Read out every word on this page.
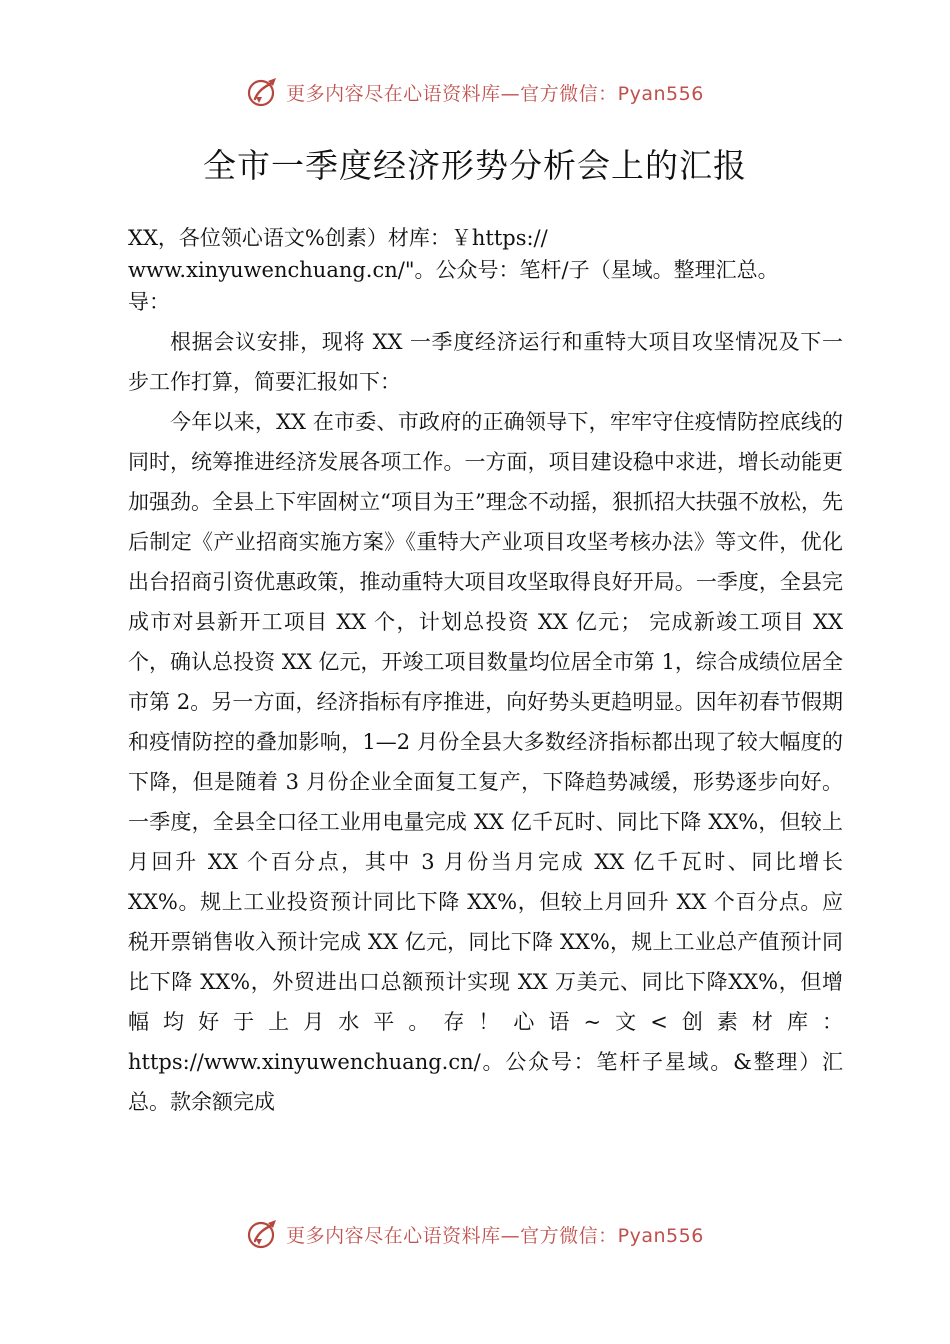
更多内容尽在心语资料库—官方微信：Pyan556
全市一季度经济形势分析会上的汇报
XX，各位领心语文%创素）材库：￥https://
www.xinyuwenchuang.cn/"。公众号：笔杆/子（星域。整理汇总。
导：

根据会议安排，现将 XX 一季度经济运行和重特大项目攻坚情况及下一步工作打算，简要汇报如下：

今年以来，XX 在市委、市政府的正确领导下，牢牢守住疫情防控底线的同时，统筹推进经济发展各项工作。一方面，项目建设稳中求进，增长动能更加强劲。全县上下牢固树立“项目为王”理念不动摇，狠抓招大扶强不放松，先后制定《产业招商实施方案》《重特大产业项目攻坚考核办法》等文件，优化出台招商引资优惠政策，推动重特大项目攻坚取得良好开局。一季度，全县完成市对县新开工项目 XX 个，计划总投资 XX 亿元； 完成新竣工项目 XX 个，确认总投资 XX 亿元，开竣工项目数量均位居全市第 1，综合成绩位居全市第 2。另一方面，经济指标有序推进，向好势头更趋明显。因年初春节假期和疫情防控的叠加影响，1—2 月份全县大多数经济指标都出现了较大幅度的下降，但是随着 3 月份企业全面复工复产，下降趋势减缓，形势逐步向好。一季度，全县全口径工业用电量完成 XX 亿千瓦时、同比下降 XX%，但较上月回升 XX 个百分点，其中 3 月份当月完成 XX 亿千瓦时、同比增长 XX%。规上工业投资预计同比下降 XX%，但较上月回升 XX 个百分点。应税开票销售收入预计完成 XX 亿元，同比下降 XX%，规上工业总产值预计同比下降 XX%，外贸进出口总额预计实现 XX 万美元、同比下降XX%，但增幅均好于上月水平。存！心语~文<创素材库：https://www.xinyuwenchuang.cn/。公众号：笔杆子星域。&整理）汇总。款余额完成

更多内容尽在心语资料库—官方微信：Pyan556
